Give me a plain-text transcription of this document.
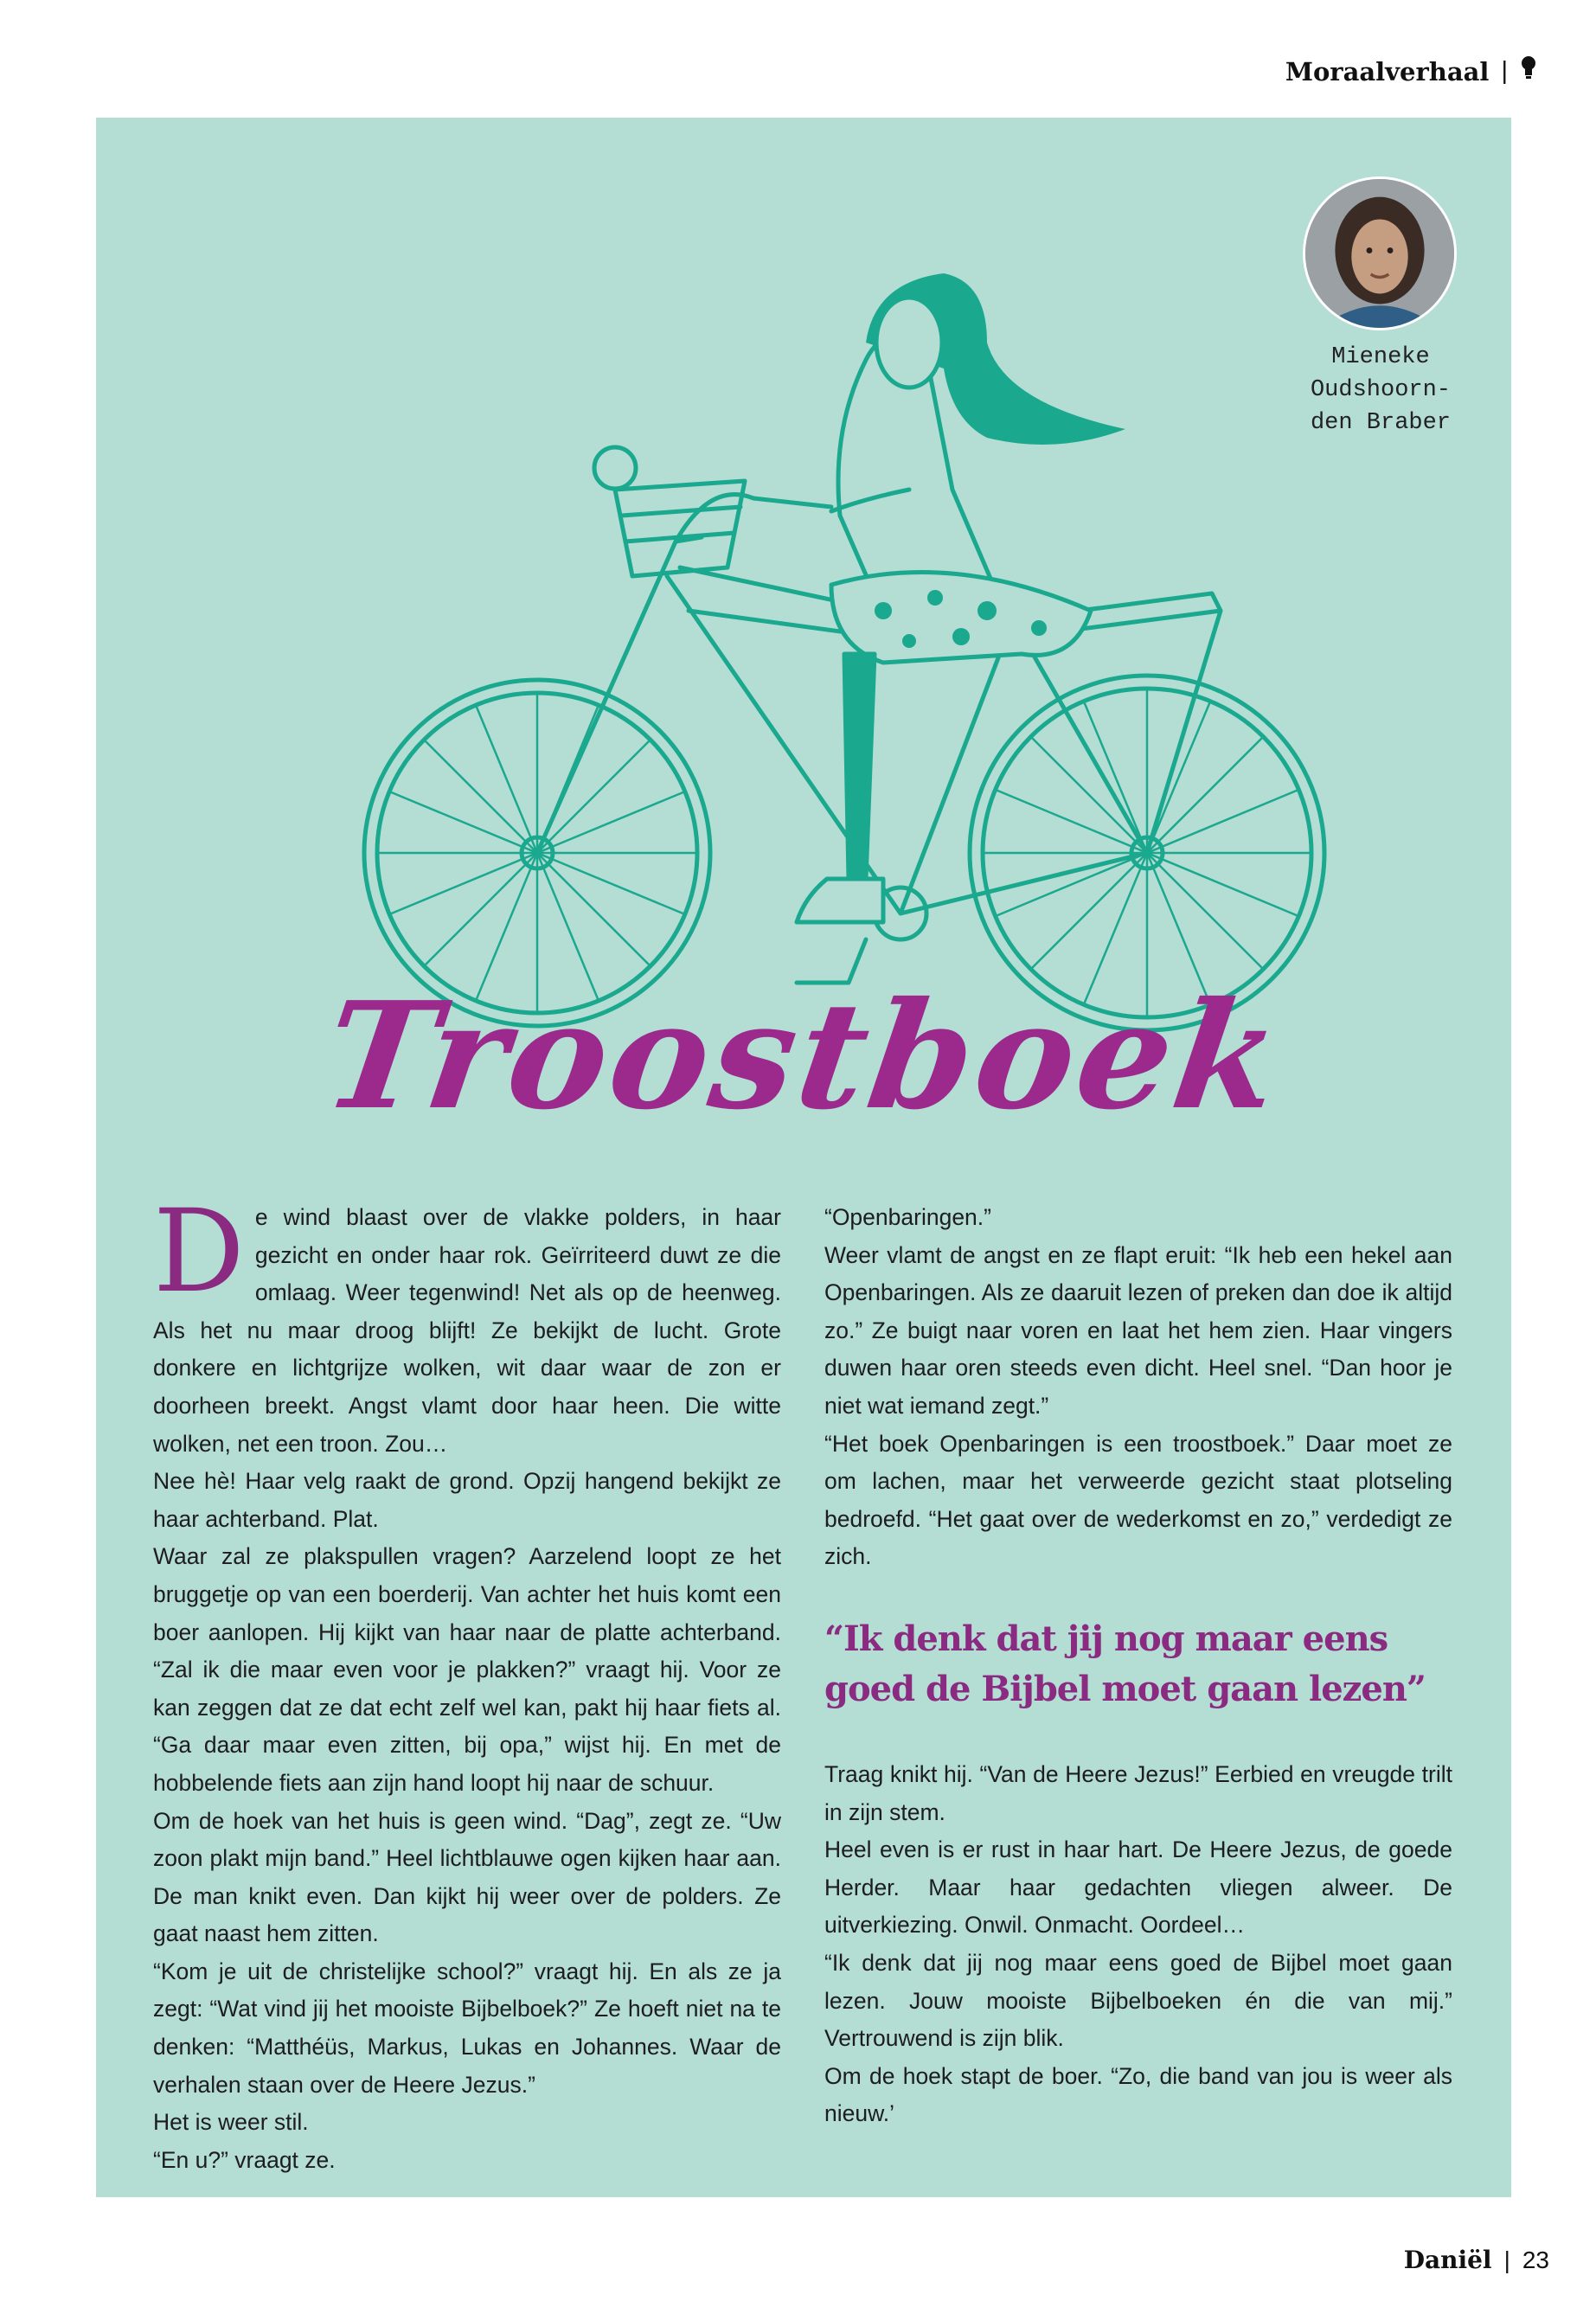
Moraalverhaal |
Mieneke
Oudshoorn-
den Braber
Troostboek
D e wind blaast over de vlakke polders, in haar gezicht en onder haar rok. Geïrriteerd duwt ze die omlaag. Weer tegenwind! Net als op de heenweg. Als het nu maar droog blijft! Ze bekijkt de lucht. Grote donkere en lichtgrijze wolken, wit daar waar de zon er doorheen breekt. Angst vlamt door haar heen. Die witte wolken, net een troon. Zou…

Nee hè! Haar velg raakt de grond. Opzij hangend bekijkt ze haar achterband. Plat.

Waar zal ze plakspullen vragen? Aarzelend loopt ze het bruggetje op van een boerderij. Van achter het huis komt een boer aanlopen. Hij kijkt van haar naar de platte achterband. “Zal ik die maar even voor je plakken?” vraagt hij. Voor ze kan zeggen dat ze dat echt zelf wel kan, pakt hij haar fiets al. “Ga daar maar even zitten, bij opa,” wijst hij. En met de hobbelende fiets aan zijn hand loopt hij naar de schuur.

Om de hoek van het huis is geen wind. “Dag”, zegt ze. “Uw zoon plakt mijn band.” Heel lichtblauwe ogen kijken haar aan. De man knikt even. Dan kijkt hij weer over de polders. Ze gaat naast hem zitten.

“Kom je uit de christelijke school?” vraagt hij. En als ze ja zegt: “Wat vind jij het mooiste Bijbelboek?” Ze hoeft niet na te denken: “Matthéüs, Markus, Lukas en Johannes. Waar de verhalen staan over de Heere Jezus.”

Het is weer stil.

“En u?” vraagt ze.

“Openbaringen.”

Weer vlamt de angst en ze flapt eruit: “Ik heb een hekel aan Openbaringen. Als ze daaruit lezen of preken dan doe ik altijd zo.” Ze buigt naar voren en laat het hem zien. Haar vingers duwen haar oren steeds even dicht. Heel snel. “Dan hoor je niet wat iemand zegt.”

“Het boek Openbaringen is een troostboek.” Daar moet ze om lachen, maar het verweerde gezicht staat plotseling bedroefd. “Het gaat over de wederkomst en zo,” verdedigt ze zich.

“Ik denk dat jij nog maar eens goed de Bijbel moet gaan lezen”

Traag knikt hij. “Van de Heere Jezus!” Eerbied en vreugde trilt in zijn stem.

Heel even is er rust in haar hart. De Heere Jezus, de goede Herder. Maar haar gedachten vliegen alweer. De uitverkiezing. Onwil. Onmacht. Oordeel…

“Ik denk dat jij nog maar eens goed de Bijbel moet gaan lezen. Jouw mooiste Bijbelboeken én die van mij.” Vertrouwend is zijn blik.

Om de hoek stapt de boer. “Zo, die band van jou is weer als nieuw.’

Daniël | 23
